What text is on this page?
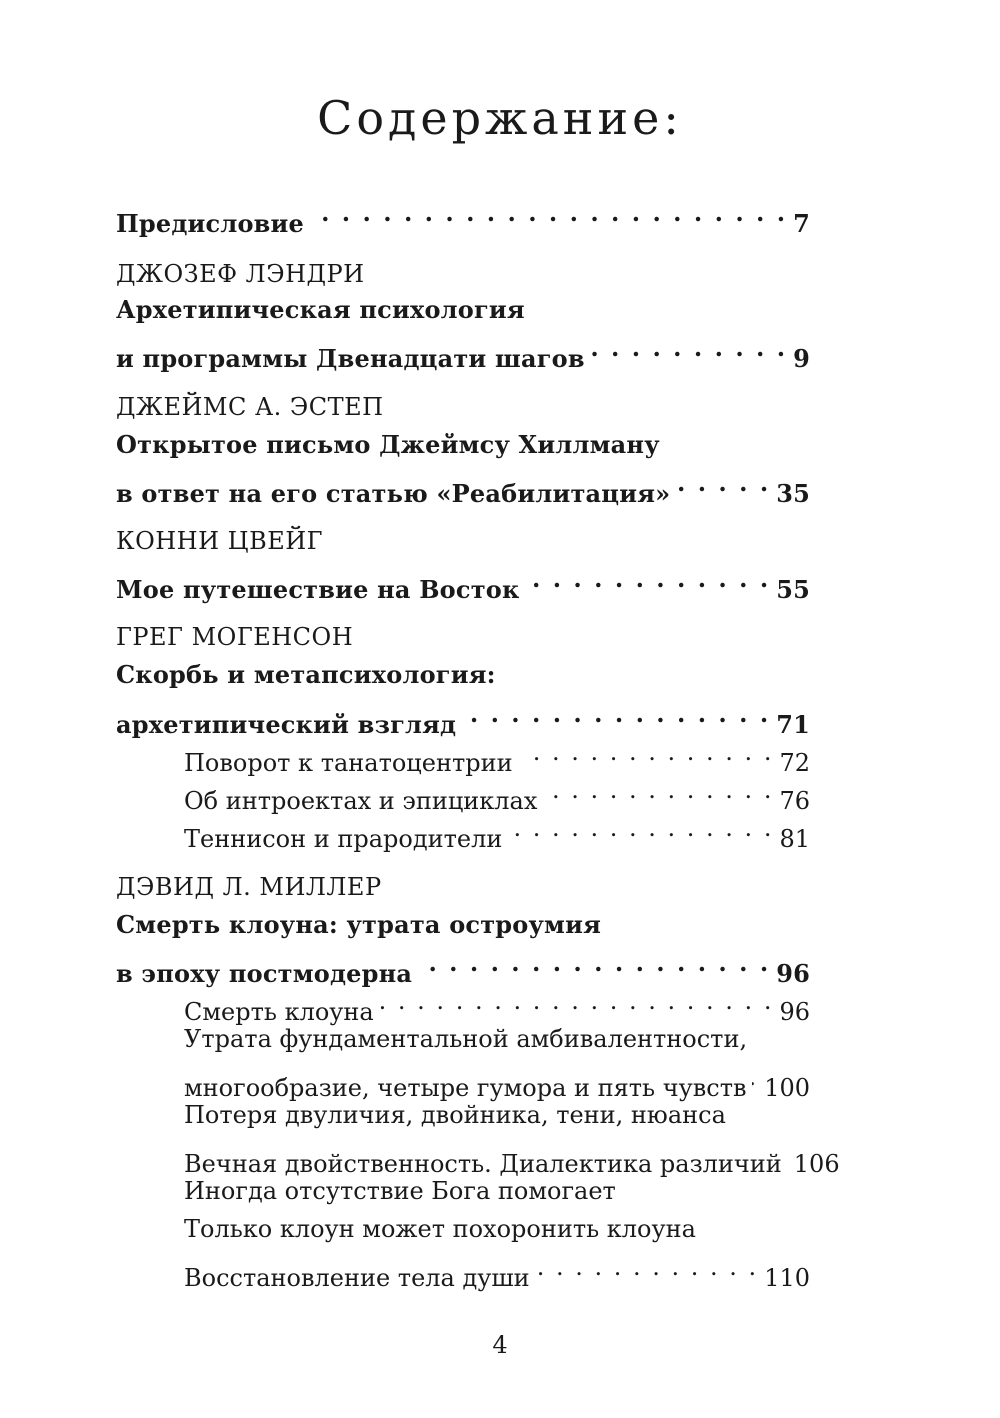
Содержание:
Предисловие . . .	7
ДЖОЗЕФ ЛЭНДРИ
Архетипическая психология
и программы Двенадцати шагов . . .	9
ДЖЕЙМС А. ЭСТЕП
Открытое письмо Джеймсу Хиллману
в ответ на его статью «Реабилитация» . . .	35
КОННИ ЦВЕЙГ
Мое путешествие на Восток . . .	55
ГРЕГ МОГЕНСОН
Скорбь и метапсихология:
архетипический взгляд . . .	71
Поворот к танатоцентрии . . .	72
Об интроектах и эпициклах . . .	76
Теннисон и прародители . . .	81
ДЭВИД Л. МИЛЛЕР
Смерть клоуна: утрата остроумия
в эпоху постмодерна . . .	96
Смерть клоуна . . .	96
Утрата фундаментальной амбивалентности,
многообразие, четыре гумора и пять чувств . . . 100
Потеря двуличия, двойника, тени, нюанса
Вечная двойственность. Диалектика различий 106
Иногда отсутствие Бога помогает
Только клоун может похоронить клоуна
Восстановление тела души . . .	110
4
